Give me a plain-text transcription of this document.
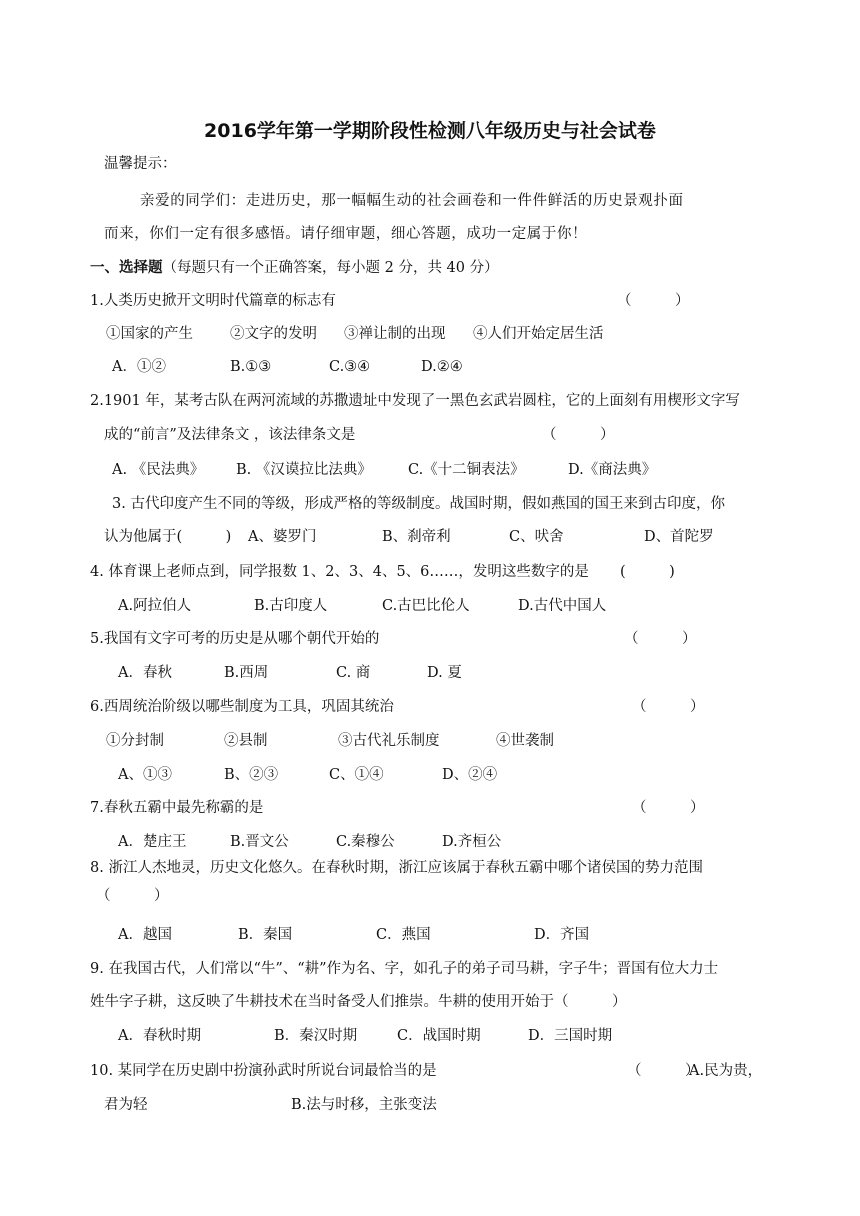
2016学年第一学期阶段性检测八年级历史与社会试卷
温馨提示：
亲爱的同学们：走进历史，那一幅幅生动的社会画卷和一件件鲜活的历史景观扑面
而来，你们一定有很多感悟。请仔细审题，细心答题，成功一定属于你！
一、选择题（每题只有一个正确答案，每小题 2 分，共 40 分）
1.人类历史掀开文明时代篇章的标志有	（　　　）
①国家的产生	②文字的发明 ③禅让制的出现 ④人们开始定居生活
A．①②	B.①③	C.③④	D.②④
2.1901 年，某考古队在两河流域的苏撒遗址中发现了一黑色玄武岩圆柱，它的上面刻有用楔形文字写
成的“前言”及法律条文 ，该法律条文是	（　　　）
A. 《民法典》 B. 《汉谟拉比法典》 C.《十二铜表法》	D.《商法典》
3. 古代印度产生不同的等级，形成严格的等级制度。战国时期，假如燕国的国王来到古印度，你
认为他属于(　　　) A、婆罗门	B、刹帝利	C、吠舍	D、首陀罗
4. 体育课上老师点到，同学报数 1、2、3、4、5、6……，发明这些数字的是 (　　　)
A.阿拉伯人	B.古印度人	C.古巴比伦人	D.古代中国人
5.我国有文字可考的历史是从哪个朝代开始的	（　　　）
A．春秋	B.西周	C. 商	D. 夏
6.西周统治阶级以哪些制度为工具，巩固其统治	（　　　）
①分封制	②县制	③古代礼乐制度	④世袭制
A、①③	B、②③	C、①④	D、②④
7.春秋五霸中最先称霸的是	（　　　）
A．楚庄王	B.晋文公	C.秦穆公	D.齐桓公
8. 浙江人杰地灵，历史文化悠久。在春秋时期，浙江应该属于春秋五霸中哪个诸侯国的势力范围
（　　　）
A．越国	B．秦国	C．燕国	D．齐国
9. 在我国古代，人们常以“牛”、“耕”作为名、字，如孔子的弟子司马耕，字子牛；晋国有位大力士
姓牛字子耕，这反映了牛耕技术在当时备受人们推崇。牛耕的使用开始于（　　　）
A．春秋时期	B．秦汉时期	C．战国时期	D．三国时期
10. 某同学在历史剧中扮演孙武时所说台词最恰当的是	（　　　）
A.民为贵，
君为轻	B.法与时移，主张变法
